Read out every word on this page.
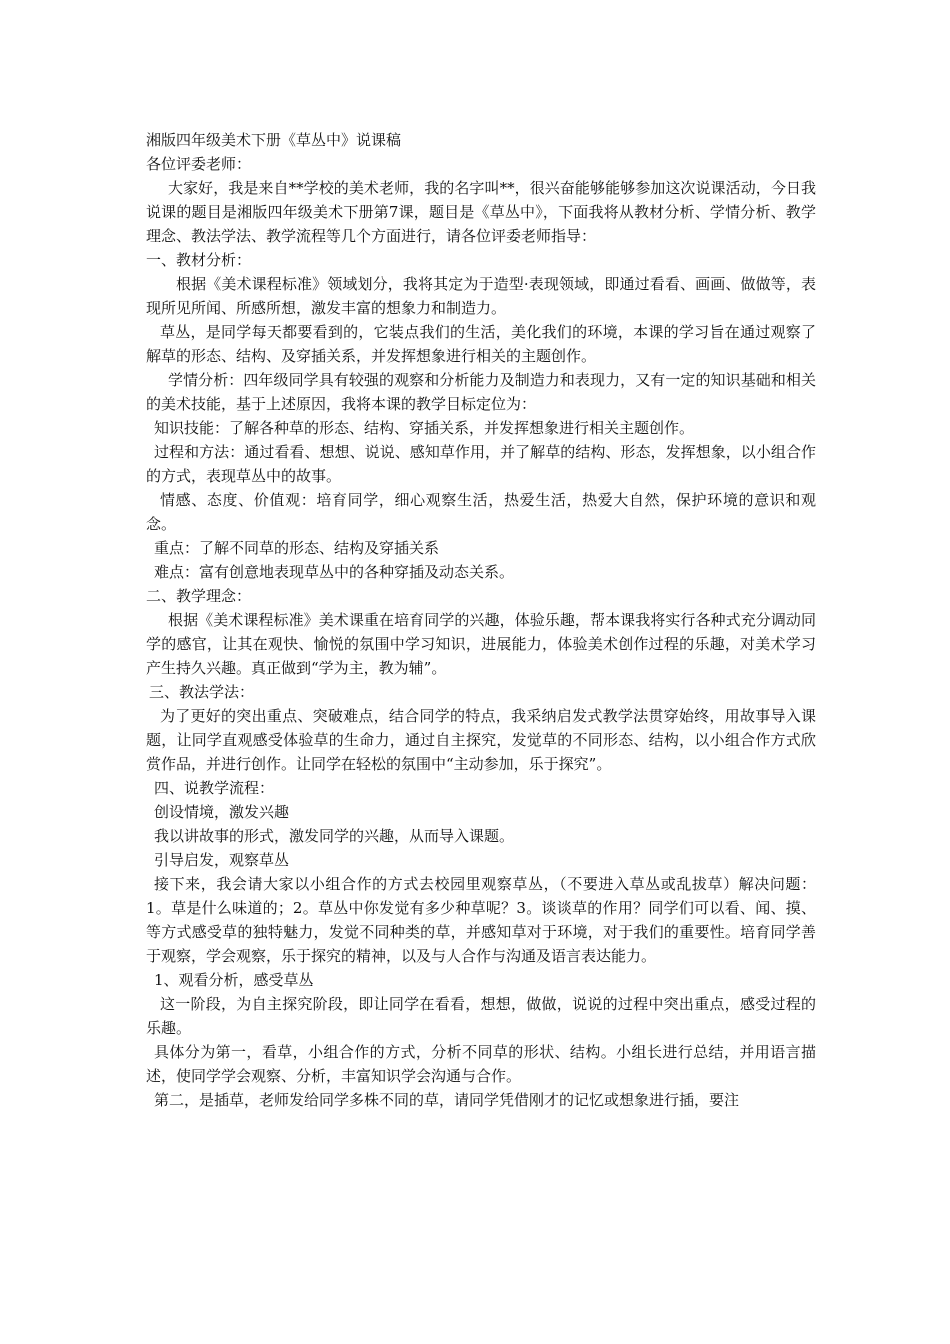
湘版四年级美术下册《草丛中》说课稿

各位评委老师：

大家好，我是来自**学校的美术老师，我的名字叫**，很兴奋能够能够参加这次说课活动，今日我说课的题目是湘版四年级美术下册第7课，题目是《草丛中》，下面我将从教材分析、学情分析、教学理念、教法学法、教学流程等几个方面进行，请各位评委老师指导：

一、教材分析：

根据《美术课程标准》领域划分，我将其定为于造型·表现领域，即通过看看、画画、做做等，表现所见所闻、所感所想，激发丰富的想象力和制造力。

草丛，是同学每天都要看到的，它装点我们的生活，美化我们的环境，本课的学习旨在通过观察了解草的形态、结构、及穿插关系，并发挥想象进行相关的主题创作。

学情分析：四年级同学具有较强的观察和分析能力及制造力和表现力，又有一定的知识基础和相关的美术技能，基于上述原因，我将本课的教学目标定位为：

知识技能：了解各种草的形态、结构、穿插关系，并发挥想象进行相关主题创作。

过程和方法：通过看看、想想、说说、感知草作用，并了解草的结构、形态，发挥想象，以小组合作的方式，表现草丛中的故事。

情感、态度、价值观：培育同学，细心观察生活，热爱生活，热爱大自然，保护环境的意识和观念。

重点：了解不同草的形态、结构及穿插关系

难点：富有创意地表现草丛中的各种穿插及动态关系。

二、教学理念：

根据《美术课程标准》美术课重在培育同学的兴趣，体验乐趣，帮本课我将实行各种式充分调动同学的感官，让其在观快、愉悦的氛围中学习知识，进展能力，体验美术创作过程的乐趣，对美术学习产生持久兴趣。真正做到“学为主，教为辅”。

三、教法学法：

为了更好的突出重点、突破难点，结合同学的特点，我采纳启发式教学法贯穿始终，用故事导入课题，让同学直观感受体验草的生命力，通过自主探究，发觉草的不同形态、结构，以小组合作方式欣赏作品，并进行创作。让同学在轻松的氛围中“主动参加，乐于探究”。

四、说教学流程：

创设情境，激发兴趣

我以讲故事的形式，激发同学的兴趣，从而导入课题。

引导启发，观察草丛

接下来，我会请大家以小组合作的方式去校园里观察草丛，（不要进入草丛或乱拔草）解决问题：1。草是什么味道的；2。草丛中你发觉有多少种草呢？3。谈谈草的作用？同学们可以看、闻、摸、等方式感受草的独特魅力，发觉不同种类的草，并感知草对于环境，对于我们的重要性。培育同学善于观察，学会观察，乐于探究的精神，以及与人合作与沟通及语言表达能力。

1、观看分析，感受草丛

这一阶段，为自主探究阶段，即让同学在看看，想想，做做，说说的过程中突出重点，感受过程的乐趣。

具体分为第一，看草，小组合作的方式，分析不同草的形状、结构。小组长进行总结，并用语言描述，使同学学会观察、分析，丰富知识学会沟通与合作。

第二，是插草，老师发给同学多株不同的草，请同学凭借刚才的记忆或想象进行插，要注
